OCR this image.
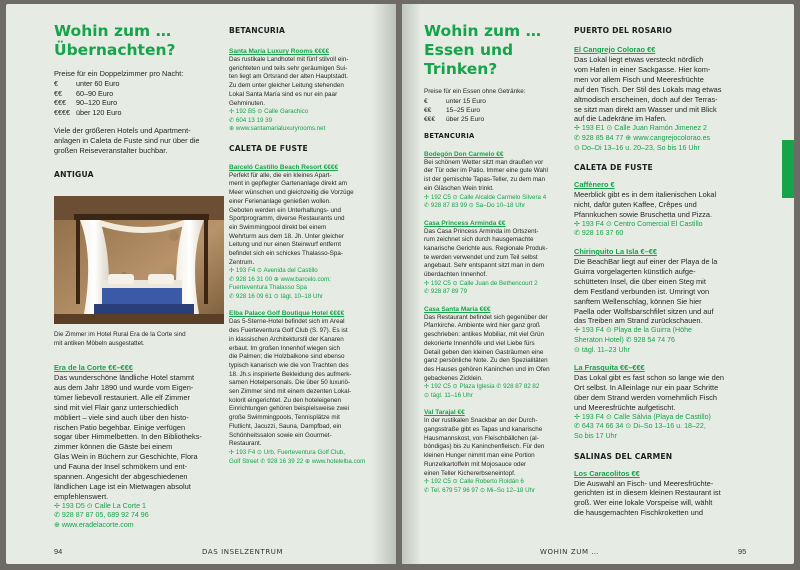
Wohin zum …
Übernachten?
Preise für ein Doppelzimmer pro Nacht:
€	unter 60 Euro
€€	60–90 Euro
€€€	90–120 Euro
€€€€ über 120 Euro
Viele der größeren Hotels und Apartment-
anlagen in Caleta de Fuste sind nur über die
großen Reiseveranstalter buchbar.
ANTIGUA
Die Zimmer im Hotel Rural Era de la Corte sind
mit antiken Möbeln ausgestattet.
Era de la Corte €€–€€€
Das wunderschöne ländliche Hotel stammt
aus dem Jahr 1890 und wurde vom Eigen-
tümer liebevoll restauriert. Alle elf Zimmer
sind mit viel Flair ganz unterschiedlich
möbliert – viele sind auch über den histo-
rischen Patio begehbar. Einige verfügen
sogar über Himmelbetten. In den Bibliotheks-
zimmer können die Gäste bei einem
Glas Wein in Büchern zur Geschichte, Flora
und Fauna der Insel schmökern und ent-
spannen. Angesicht der abgeschiedenen
ländlichen Lage ist ein Mietwagen absolut
empfehlenswert.
✢ 193 D5 ⊙ Calle La Corte 1
✆ 928 87 87 05, 689 92 74 96
⊕ www.eradelacorte.com
BETANCURIA
Santa María Luxury Rooms €€€€
Das rustikale Landhotel mit fünf stilvoll ein-
gerichteten und teils sehr geräumigen Sui-
ten liegt am Ortsrand der alten Hauptstadt.
Zu dem unter gleicher Leitung stehenden
Lokal Santa María sind es nur ein paar
Gehminuten.
✢ 192 B5 ⊙ Calle Garachico
✆ 604 13 19 39
⊕ www.santamarialuxuryrooms.net
CALETA DE FUSTE
Barceló Castillo Beach Resort €€€€
Perfekt für alle, die ein kleines Apart-
ment in gepflegter Gartenanlage direkt am
Meer wünschen und gleichzeitig die Vorzüge
einer Ferienanlage genießen wollen.
Geboten werden ein Unterhaltungs- und
Sportprogramm, diverse Restaurants und
ein Swimmingpool direkt bei einem
Wehrturm aus dem 18. Jh. Unter gleicher
Leitung und nur einen Steinwurf entfernt
befindet sich ein schickes Thalasso-Spa-
Zentrum.
✢ 193 F4 ⊙ Avenida del Castillo
✆ 928 16 31 00 ⊕ www.barcelo.com;
Fuerteventura Thalasso Spa
✆ 928 16 09 61 ⊙ tägl. 10–18 Uhr
Elba Palace Golf Boutique Hotel €€€€
Das 5-Sterne-Hotel befindet sich im Areal
des Fuerteventura Golf Club (S. 97). Es ist
in klassischen Architekturstil der Kanaren
erbaut. Im großen Innenhof wiegen sich
die Palmen; die Holzbalkone sind ebenso
typisch kanarisch wie die von Trachten des
18. Jh.s inspirierte Bekleidung des aufmerk-
samen Hotelpersonals. Die über 50 luxuriö-
sen Zimmer sind mit einem dezenten Lokal-
kolorit eingerichtet. Zu den hoteleigenen
Einrichtungen gehören beispielsweise zwei
große Swimmingpools, Tennisplätze mit
Flutlicht, Jacuzzi, Sauna, Dampfbad, ein
Schönheitssalon sowie ein Gourmet-
Restaurant.
✢ 193 F4 ⊙ Urb. Fuerteventura Golf Club,
Golf Street ✆ 928 16 39 22 ⊕ www.hotelelba.com
94	DAS INSELZENTRUM
Wohin zum …
Essen und Trinken?
Preise für ein Essen ohne Getränke:
€	unter 15 Euro
€€	15–25 Euro
€€€	über 25 Euro
BETANCURIA
Bodegón Don Carmelo €€
Bei schönem Wetter sitzt man draußen vor
der Tür oder im Patio. Immer eine gute Wahl
ist der gemischte Tapas-Teller, zu dem man
ein Gläschen Wein trinkt.
✢ 192 C5 ⊙ Calle Alcalde Carmelo Silvera 4
✆ 928 87 83 99 ⊙ Sa–Do 10–18 Uhr
Casa Princess Arminda €€
Das Casa Princess Arminda im Ortszent-
rum zeichnet sich durch hausgemachte
kanarische Gerichte aus. Regionale Produk-
te werden verwendet und zum Teil selbst
angebaut. Sehr entspannt sitzt man in dem
überdachten Innenhof.
✢ 192 C5 ⊙ Calle Juan de Bethencourt 2
✆ 928 87 89 79
Casa Santa María €€€
Das Restaurant befindet sich gegenüber der
Pfarrkirche. Ambiente wird hier ganz groß
geschrieben: antikes Mobiliar, mit viel Grün
dekorierte Innenhöfe und viel Liebe fürs
Detail geben den kleinen Gasträumen eine
ganz persönliche Note. Zu den Spezialitäten
des Hauses gehören Kaninchen und im Ofen
gebackenes Zicklein.
✢ 192 C5 ⊙ Plaza Iglesia ✆ 928 87 82 82
⊙ tägl. 11–16 Uhr
Val Tarajal €€
In der rustikalen Snackbar an der Durch-
gangsstraße gibt es Tapas und kanarische
Hausmannskost, von Fleischbällchen (al-
bóndigas) bis zu Kaninchenfleisch. Für den
kleinen Hunger nimmt man eine Portion
Runzelkartoffeln mit Mojosauce oder
einen Teller Kichererbseneintopf.
✢ 192 C5 ⊙ Calle Roberto Roldán 6
✆ Tel. 679 57 96 97 ⊙ Mi–So 12–18 Uhr
PUERTO DEL ROSARIO
El Cangrejo Colorao €€
Das Lokal liegt etwas versteckt nördlich
vom Hafen in einer Sackgasse. Hier kom-
men vor allem Fisch und Meeresfrüchte
auf den Tisch. Der Stil des Lokals mag etwas
altmodisch erscheinen, doch auf der Terras-
se sitzt man direkt am Wasser und mit Blick
auf die Ladekräne im Hafen.
✢ 193 E1 ⊙ Calle Juan Ramón Jimenez 2
✆ 928 85 84 77 ⊕ www.cangrejocolorao.es
⊙ Do–Di 13–16 u. 20–23, So bis 16 Uhr
CALETA DE FUSTE
Caffènero €
Meerblick gibt es in dem italienischen Lokal
nicht, dafür guten Kaffee, Crêpes und
Pfannkuchen sowie Bruschetta und Pizza.
✢ 193 F4 ⊙ Centro Comercial El Castillo
✆ 928 16 37 60
Chiringuito La Isla €–€€
Die BeachBar liegt auf einer der Playa de la
Guirra vorgelagerten künstlich aufge-
schütteten Insel, die über einen Steg mit
dem Festland verbunden ist. Umringt von
sanftem Wellenschlag, können Sie hier
Paella oder Wolfsbarschfilet sitzen und auf
das Treiben am Strand zurückschauen.
✢ 193 F4 ⊙ Playa de la Guirra (Höhe
Sheraton Hotel) ✆ 928 54 74 76
⊙ tägl. 11–23 Uhr
La Frasquita €€–€€€
Das Lokal gibt es fast schon so lange wie den
Ort selbst. In Alleinlage nur ein paar Schritte
über dem Strand werden vornehmlich Fisch
und Meeresfrüchte aufgetischt.
✢ 193 F4 ⊙ Calle Sálvia (Playa de Castillo)
✆ 643 74 66 34 ⊙ Di–So 13–16 u. 18–22,
So bis 17 Uhr
SALINAS DEL CARMEN
Los Caracolitos €€
Die Auswahl an Fisch- und Meeresfrüchte-
gerichten ist in diesem kleinen Restaurant ist
groß. Wer eine lokale Vorspeise will, wählt
die hausgemachten Fischkroketten und
WOHIN ZUM …	95
